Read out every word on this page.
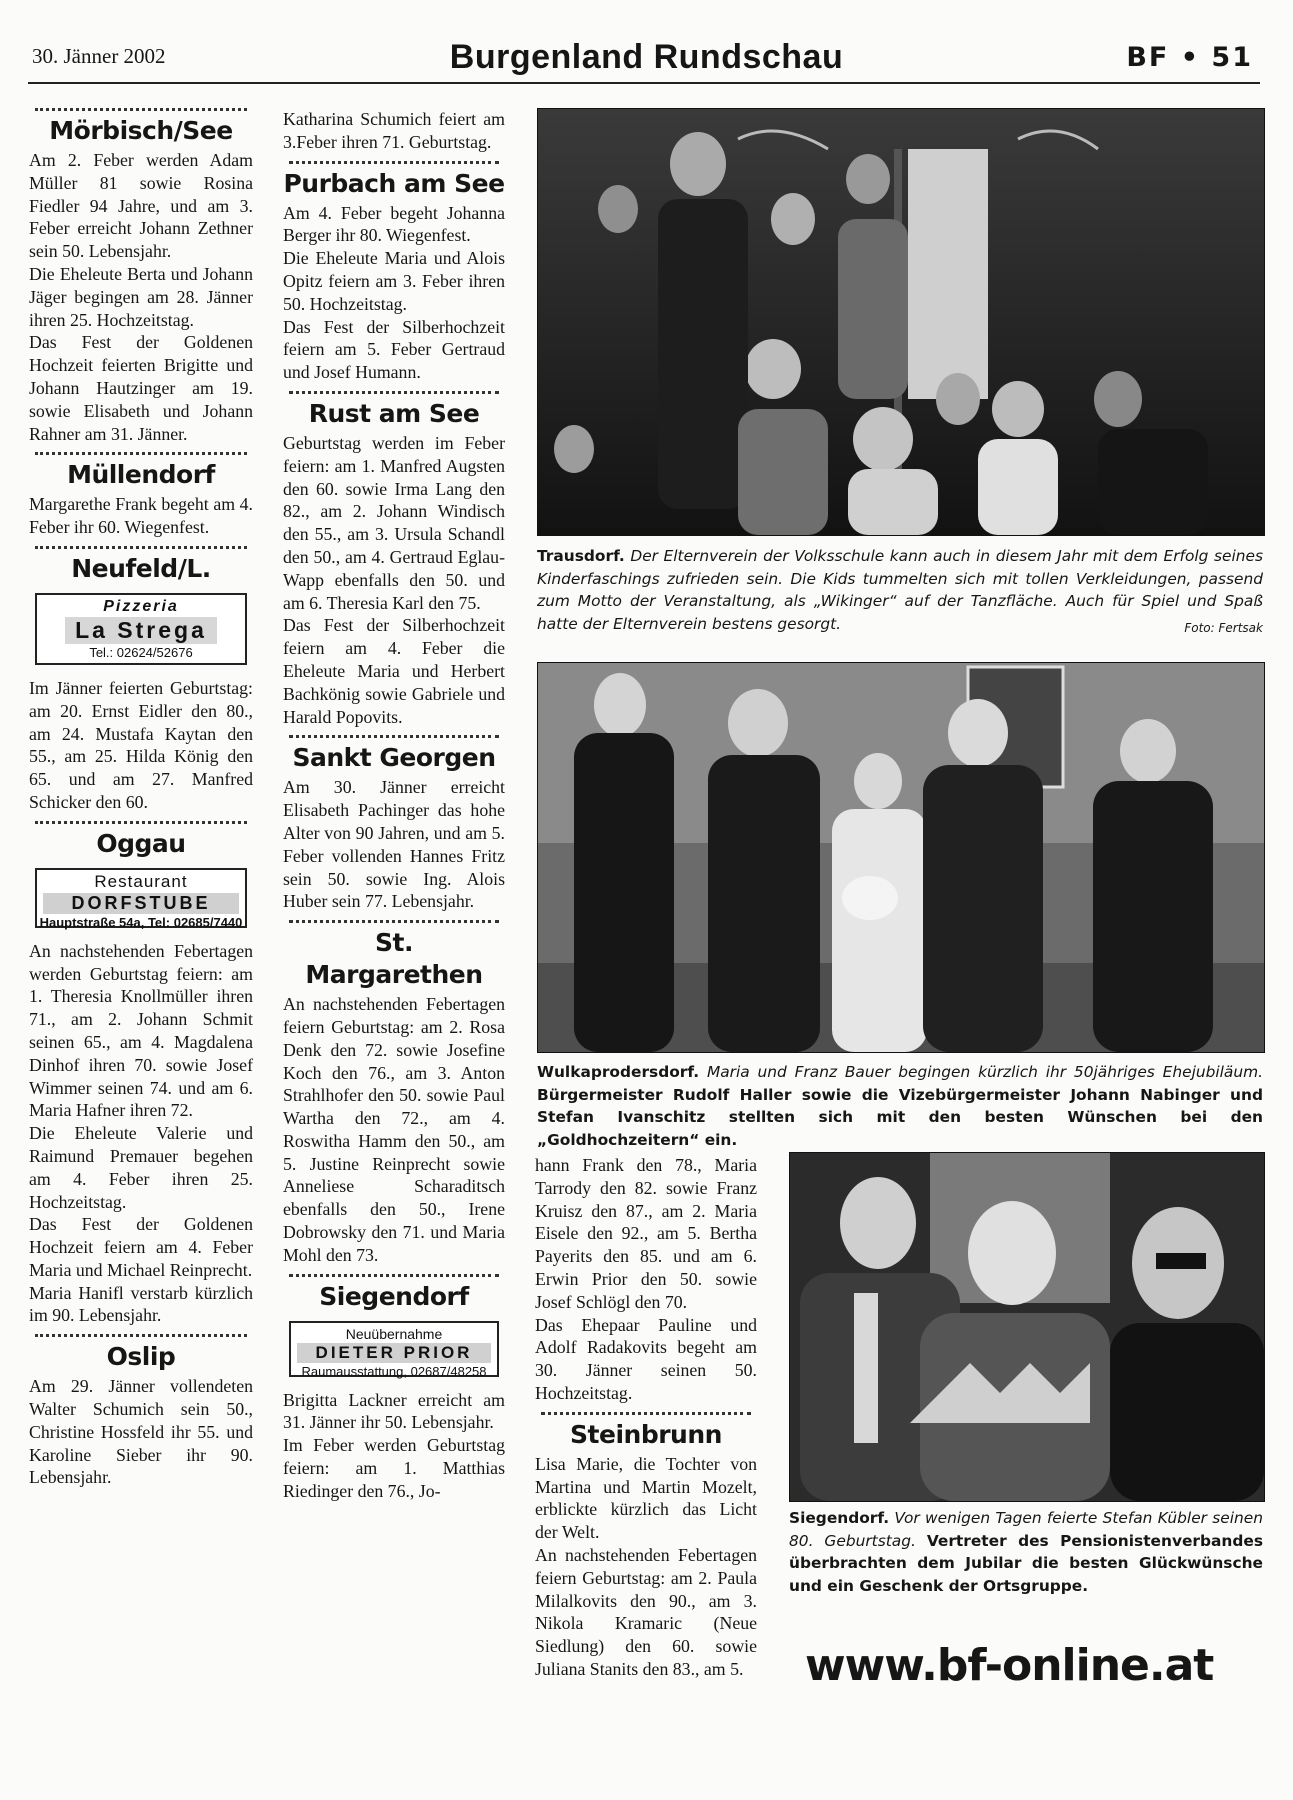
30. Jänner 2002	Burgenland Rundschau	BF • 51
Mörbisch/See

Am 2. Feber werden Adam Müller 81 sowie Rosina Fiedler 94 Jahre, und am 3. Feber erreicht Johann Zethner sein 50. Lebensjahr.

Die Eheleute Berta und Johann Jäger begingen am 28. Jänner ihren 25. Hochzeitstag.

Das Fest der Goldenen Hochzeit feierten Brigitte und Johann Hautzinger am 19. sowie Elisabeth und Johann Rahner am 31. Jänner.

Müllendorf

Margarethe Frank begeht am 4. Feber ihr 60. Wiegenfest.

Neufeld/L.
Pizzeria
La Strega
Tel.: 02624/52676

Im Jänner feierten Geburtstag: am 20. Ernst Eidler den 80., am 24. Mustafa Kaytan den 55., am 25. Hilda König den 65. und am 27. Manfred Schicker den 60.

Oggau
Restaurant
DORFSTUBE
Hauptstraße 54a, Tel: 02685/7440

An nachstehenden Febertagen werden Geburtstag feiern: am 1. Theresia Knollmüller ihren 71., am 2. Johann Schmit seinen 65., am 4. Magdalena Dinhof ihren 70. sowie Josef Wimmer seinen 74. und am 6. Maria Hafner ihren 72.

Die Eheleute Valerie und Raimund Premauer begehen am 4. Feber ihren 25. Hochzeitstag.

Das Fest der Goldenen Hochzeit feiern am 4. Feber Maria und Michael Reinprecht.

Maria Hanifl verstarb kürzlich im 90. Lebensjahr.

Oslip

Am 29. Jänner vollendeten Walter Schumich sein 50., Christine Hossfeld ihr 55. und Karoline Sieber ihr 90. Lebensjahr.

Katharina Schumich feiert am 3.Feber ihren 71. Geburtstag.

Purbach am See

Am 4. Feber begeht Johanna Berger ihr 80. Wiegenfest.

Die Eheleute Maria und Alois Opitz feiern am 3. Feber ihren 50. Hochzeitstag.

Das Fest der Silberhochzeit feiern am 5. Feber Gertraud und Josef Humann.

Rust am See

Geburtstag werden im Feber feiern: am 1. Manfred Augsten den 60. sowie Irma Lang den 82., am 2. Johann Windisch den 55., am 3. Ursula Schandl den 50., am 4. Gertraud Eglau-Wapp ebenfalls den 50. und am 6. Theresia Karl den 75.

Das Fest der Silberhochzeit feiern am 4. Feber die Eheleute Maria und Herbert Bachkönig sowie Gabriele und Harald Popovits.

Sankt Georgen

Am 30. Jänner erreicht Elisabeth Pachinger das hohe Alter von 90 Jahren, und am 5. Feber vollenden Hannes Fritz sein 50. sowie Ing. Alois Huber sein 77. Lebensjahr.

St. Margarethen

An nachstehenden Febertagen feiern Geburtstag: am 2. Rosa Denk den 72. sowie Josefine Koch den 76., am 3. Anton Strahlhofer den 50. sowie Paul Wartha den 72., am 4. Roswitha Hamm den 50., am 5. Justine Reinprecht sowie Anneliese Scharaditsch ebenfalls den 50., Irene Dobrowsky den 71. und Maria Mohl den 73.

Siegendorf
Neuübernahme
DIETER PRIOR
Raumausstattung, 02687/48258

Brigitta Lackner erreicht am 31. Jänner ihr 50. Lebensjahr.

Im Feber werden Geburtstag feiern: am 1. Matthias Riedinger den 76., Jo-

hann Frank den 78., Maria Tarrody den 82. sowie Franz Kruisz den 87., am 2. Maria Eisele den 92., am 5. Bertha Payerits den 85. und am 6. Erwin Prior den 50. sowie Josef Schlögl den 70.

Das Ehepaar Pauline und Adolf Radakovits begeht am 30. Jänner seinen 50. Hochzeitstag.

Steinbrunn

Lisa Marie, die Tochter von Martina und Martin Mozelt, erblickte kürzlich das Licht der Welt.

An nachstehenden Febertagen feiern Geburtstag: am 2. Paula Milalkovits den 90., am 3. Nikola Kramaric (Neue Siedlung) den 60. sowie Juliana Stanits den 83., am 5.

Trausdorf. Der Elternverein der Volksschule kann auch in diesem Jahr mit dem Erfolg seines Kinderfaschings zufrieden sein. Die Kids tummelten sich mit tollen Verkleidungen, passend zum Motto der Veranstaltung, als „Wikinger“ auf der Tanzfläche. Auch für Spiel und Spaß hatte der Elternverein bestens gesorgt.	Foto: Fertsak
Wulkaprodersdorf. Maria und Franz Bauer begingen kürzlich ihr 50jähriges Ehejubiläum. Bürgermeister Rudolf Haller sowie die Vizebürgermeister Johann Nabinger und Stefan Ivanschitz stellten sich mit den besten Wünschen bei den „Goldhochzeitern“ ein.
Siegendorf. Vor wenigen Tagen feierte Stefan Kübler seinen 80. Geburtstag. Vertreter des Pensionistenverbandes überbrachten dem Jubilar die besten Glückwünsche und ein Geschenk der Ortsgruppe.
www.bf-online.at
